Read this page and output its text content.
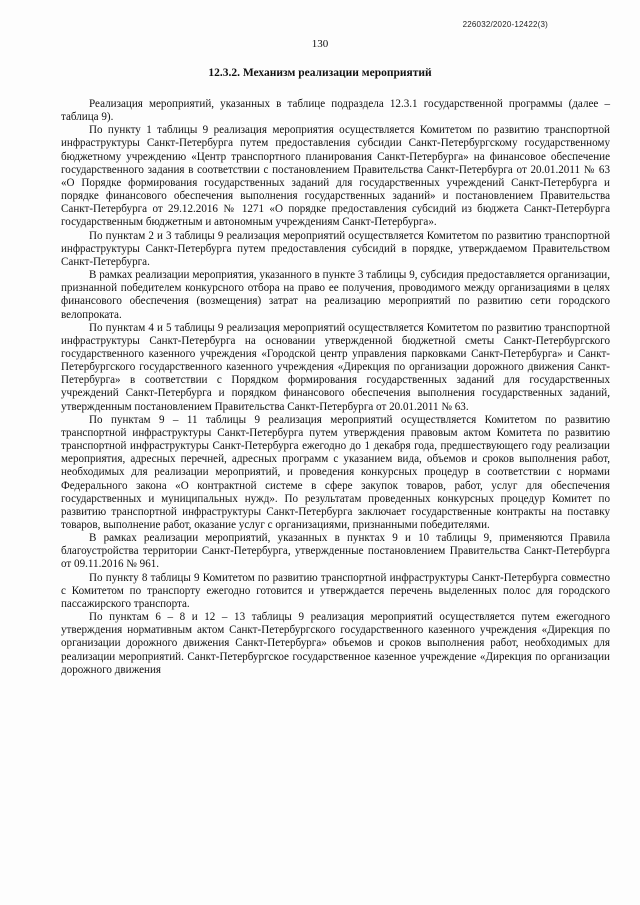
226032/2020-12422(3)
130
12.3.2. Механизм реализации мероприятий

Реализация мероприятий, указанных в таблице подраздела 12.3.1 государственной программы (далее – таблица 9).

По пункту 1 таблицы 9 реализация мероприятия осуществляется Комитетом по развитию транспортной инфраструктуры Санкт-Петербурга путем предоставления субсидии Санкт-Петербургскому государственному бюджетному учреждению «Центр транспортного планирования Санкт-Петербурга» на финансовое обеспечение государственного задания в соответствии с постановлением Правительства Санкт-Петербурга от 20.01.2011 № 63 «О Порядке формирования государственных заданий для государственных учреждений Санкт-Петербурга и порядке финансового обеспечения выполнения государственных заданий» и постановлением Правительства Санкт-Петербурга от 29.12.2016 № 1271 «О порядке предоставления субсидий из бюджета Санкт-Петербурга государственным бюджетным и автономным учреждениям Санкт-Петербурга».

По пунктам 2 и 3 таблицы 9 реализация мероприятий осуществляется Комитетом по развитию транспортной инфраструктуры Санкт-Петербурга путем предоставления субсидий в порядке, утверждаемом Правительством Санкт-Петербурга.

В рамках реализации мероприятия, указанного в пункте 3 таблицы 9, субсидия предоставляется организации, признанной победителем конкурсного отбора на право ее получения, проводимого между организациями в целях финансового обеспечения (возмещения) затрат на реализацию мероприятий по развитию сети городского велопроката.

По пунктам 4 и 5 таблицы 9 реализация мероприятий осуществляется Комитетом по развитию транспортной инфраструктуры Санкт-Петербурга на основании утвержденной бюджетной сметы Санкт-Петербургского государственного казенного учреждения «Городской центр управления парковками Санкт-Петербурга» и Санкт-Петербургского государственного казенного учреждения «Дирекция по организации дорожного движения Санкт-Петербурга» в соответствии с Порядком формирования государственных заданий для государственных учреждений Санкт-Петербурга и порядком финансового обеспечения выполнения государственных заданий, утвержденным постановлением Правительства Санкт-Петербурга от 20.01.2011 № 63.

По пунктам 9 – 11 таблицы 9 реализация мероприятий осуществляется Комитетом по развитию транспортной инфраструктуры Санкт-Петербурга путем утверждения правовым актом Комитета по развитию транспортной инфраструктуры Санкт-Петербурга ежегодно до 1 декабря года, предшествующего году реализации мероприятия, адресных перечней, адресных программ с указанием вида, объемов и сроков выполнения работ, необходимых для реализации мероприятий, и проведения конкурсных процедур в соответствии с нормами Федерального закона «О контрактной системе в сфере закупок товаров, работ, услуг для обеспечения государственных и муниципальных нужд». По результатам проведенных конкурсных процедур Комитет по развитию транспортной инфраструктуры Санкт-Петербурга заключает государственные контракты на поставку товаров, выполнение работ, оказание услуг с организациями, признанными победителями.

В рамках реализации мероприятий, указанных в пунктах 9 и 10 таблицы 9, применяются Правила благоустройства территории Санкт-Петербурга, утвержденные постановлением Правительства Санкт-Петербурга от 09.11.2016 № 961.

По пункту 8 таблицы 9 Комитетом по развитию транспортной инфраструктуры Санкт-Петербурга совместно с Комитетом по транспорту ежегодно готовится и утверждается перечень выделенных полос для городского пассажирского транспорта.

По пунктам 6 – 8 и 12 – 13 таблицы 9 реализация мероприятий осуществляется путем ежегодного утверждения нормативным актом Санкт-Петербургского государственного казенного учреждения «Дирекция по организации дорожного движения Санкт-Петербурга» объемов и сроков выполнения работ, необходимых для реализации мероприятий. Санкт-Петербургское государственное казенное учреждение «Дирекция по организации дорожного движения
